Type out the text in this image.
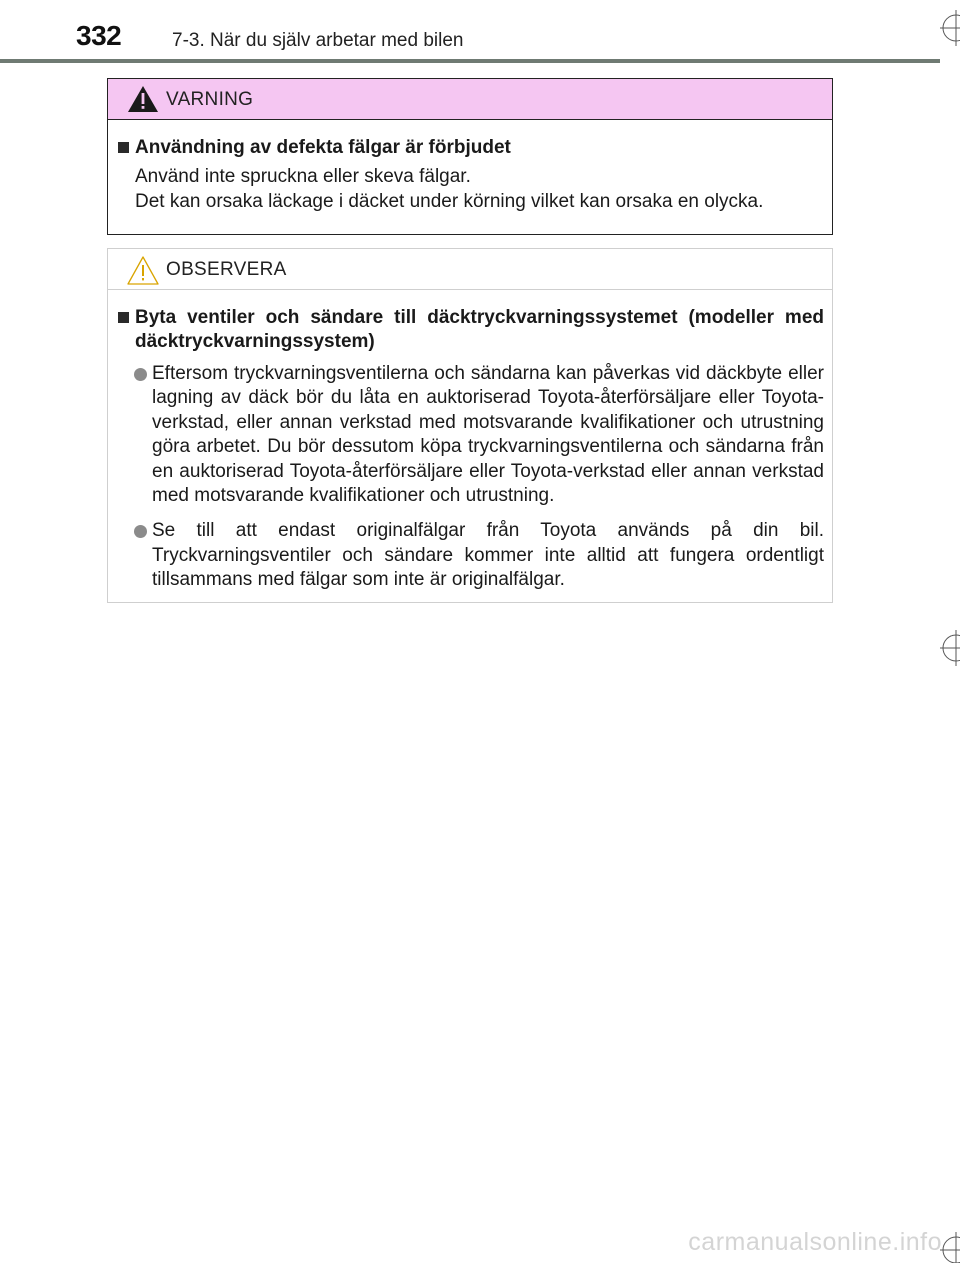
332	7-3. När du själv arbetar med bilen
VARNING
Användning av defekta fälgar är förbjudet
Använd inte spruckna eller skeva fälgar.
Det kan orsaka läckage i däcket under körning vilket kan orsaka en olycka.
OBSERVERA
Byta ventiler och sändare till däcktryckvarningssystemet (modeller med däcktryckvarningssystem)
Eftersom tryckvarningsventilerna och sändarna kan påverkas vid däckbyte eller lagning av däck bör du låta en auktoriserad Toyota-återförsäljare eller Toyota-verkstad, eller annan verkstad med motsvarande kvalifikationer och utrustning göra arbetet. Du bör dessutom köpa tryckvarningsventilerna och sändarna från en auktoriserad Toyota-återförsäljare eller Toyota-verkstad eller annan verkstad med motsvarande kvalifikationer och utrustning.
Se till att endast originalfälgar från Toyota används på din bil. Tryckvarningsventiler och sändare kommer inte alltid att fungera ordentligt tillsammans med fälgar som inte är originalfälgar.
carmanualsonline.info
